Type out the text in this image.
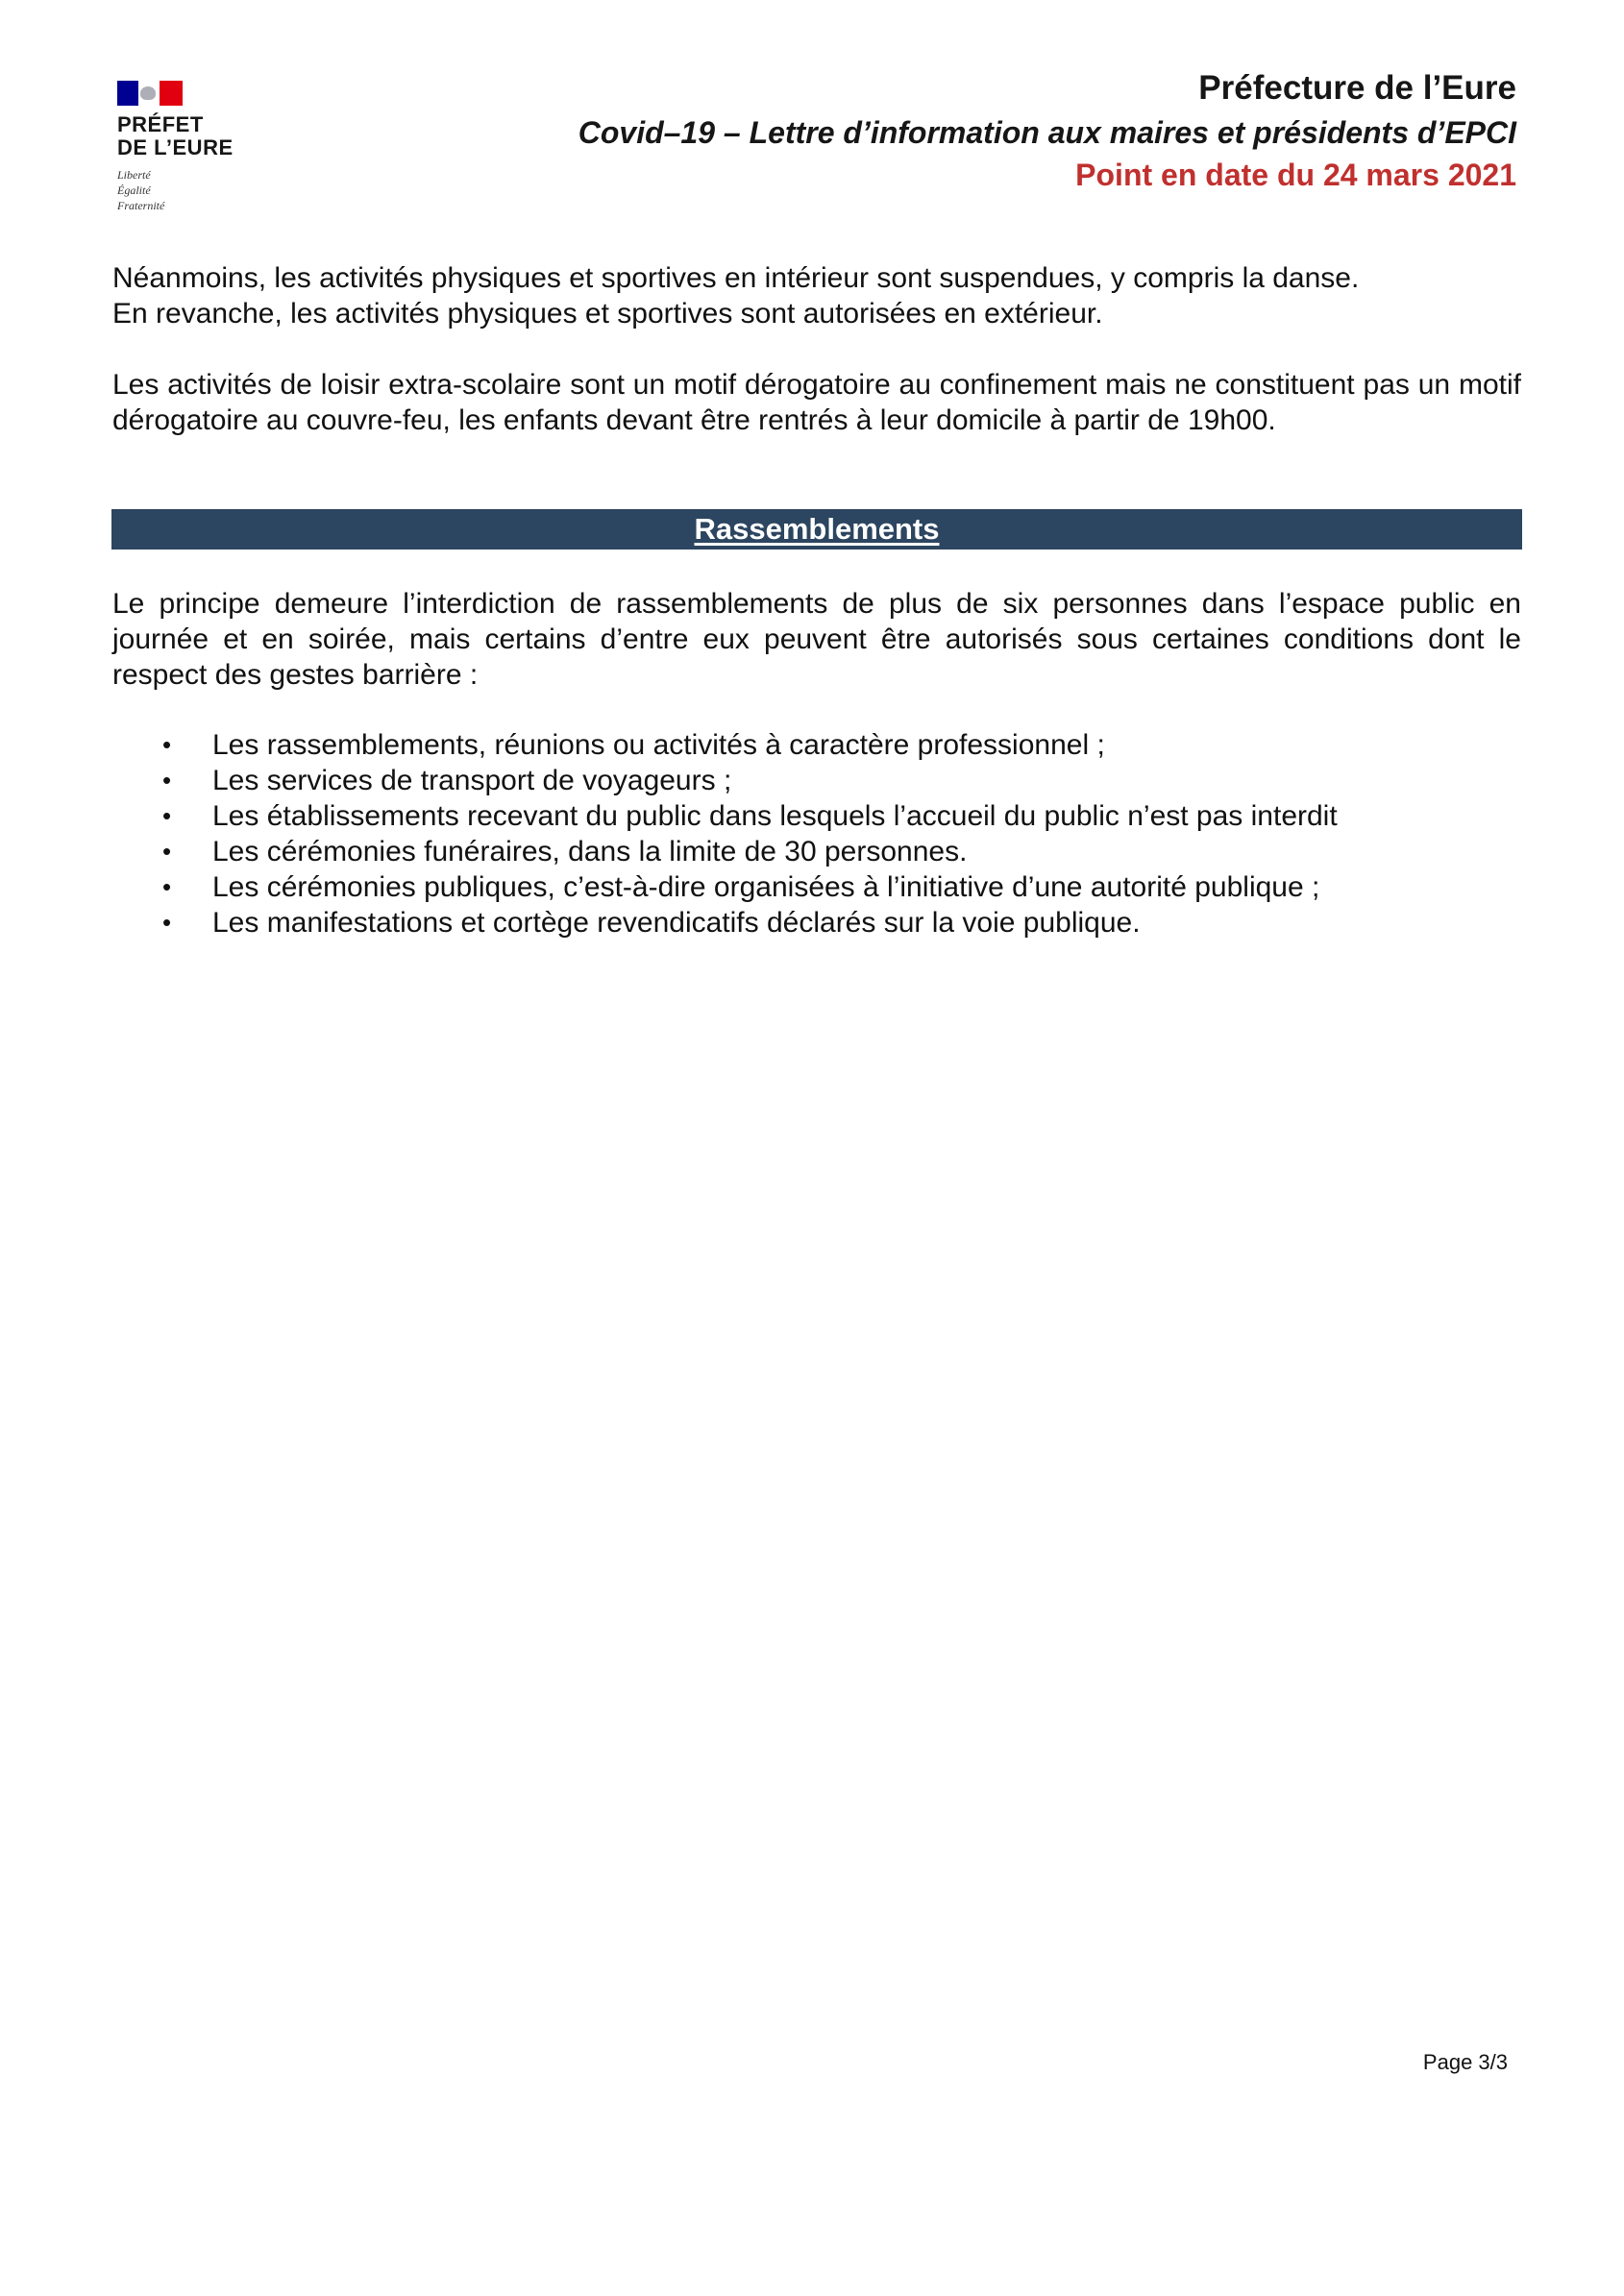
PRÉFET
DE L’EURE
Liberté
Égalité
Fraternité
Préfecture de l’Eure
Covid–19 – Lettre d’information aux maires et présidents d’EPCI
Point en date du 24 mars 2021

Néanmoins, les activités physiques et sportives en intérieur sont suspendues, y compris la danse.

En revanche, les activités physiques et sportives sont autorisées en extérieur.

Les activités de loisir extra-scolaire sont un motif dérogatoire au confinement mais ne constituent pas un motif dérogatoire au couvre-feu, les enfants devant être rentrés à leur domicile à partir de 19h00.

Rassemblements

Le principe demeure l’interdiction de rassemblements de plus de six personnes dans l’espace public en journée et en soirée, mais certains d’entre eux peuvent être autorisés sous certaines conditions dont le respect des gestes barrière :

• Les rassemblements, réunions ou activités à caractère professionnel ;
• Les services de transport de voyageurs ;
• Les établissements recevant du public dans lesquels l’accueil du public n’est pas interdit
• Les cérémonies funéraires, dans la limite de 30 personnes.
• Les cérémonies publiques, c’est-à-dire organisées à l’initiative d’une autorité publique ;
• Les manifestations et cortège revendicatifs déclarés sur la voie publique.
Page 3/3
